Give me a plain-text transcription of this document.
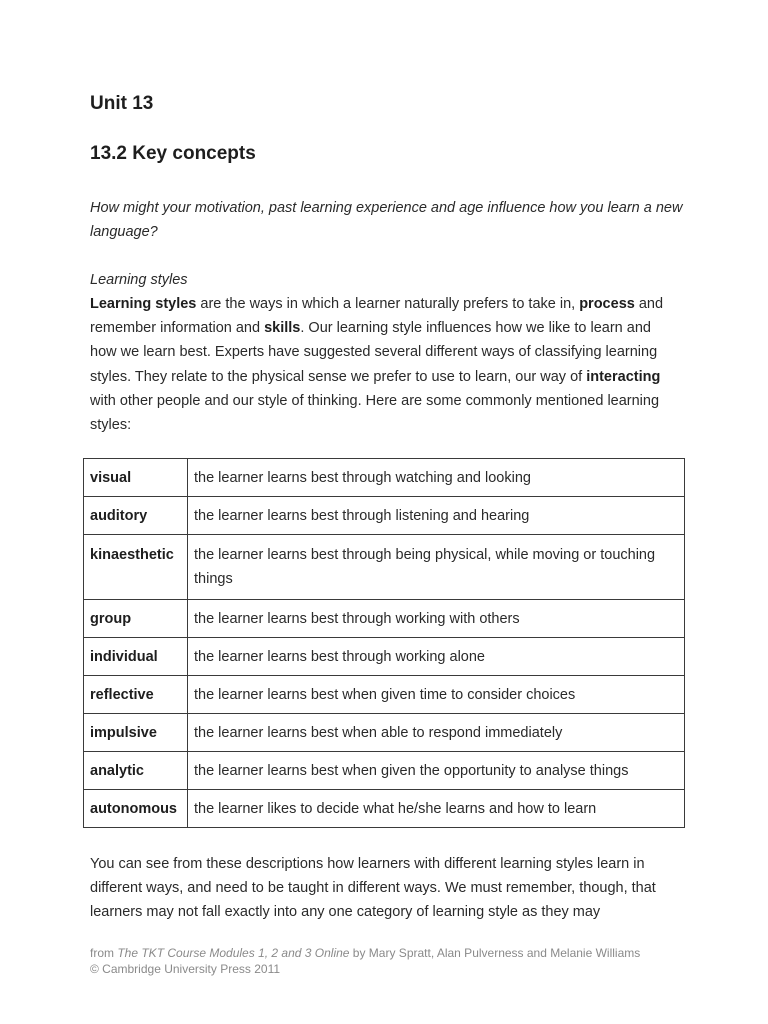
Unit 13
13.2 Key concepts

How might your motivation, past learning experience and age influence how you learn a new language?

Learning styles

Learning styles are the ways in which a learner naturally prefers to take in, process and remember information and skills. Our learning style influences how we like to learn and how we learn best. Experts have suggested several different ways of classifying learning styles. They relate to the physical sense we prefer to use to learn, our way of interacting with other people and our style of thinking. Here are some commonly mentioned learning styles:

visual	the learner learns best through watching and looking
auditory	the learner learns best through listening and hearing
kinaesthetic	the learner learns best through being physical, while moving or touching things
group	the learner learns best through working with others
individual	the learner learns best through working alone
reflective	the learner learns best when given time to consider choices
impulsive	the learner learns best when able to respond immediately
analytic	the learner learns best when given the opportunity to analyse things
autonomous	the learner likes to decide what he/she learns and how to learn

You can see from these descriptions how learners with different learning styles learn in different ways, and need to be taught in different ways. We must remember, though, that learners may not fall exactly into any one category of learning style as they may

from The TKT Course Modules 1, 2 and 3 Online by Mary Spratt, Alan Pulverness and Melanie Williams
© Cambridge University Press 2011
